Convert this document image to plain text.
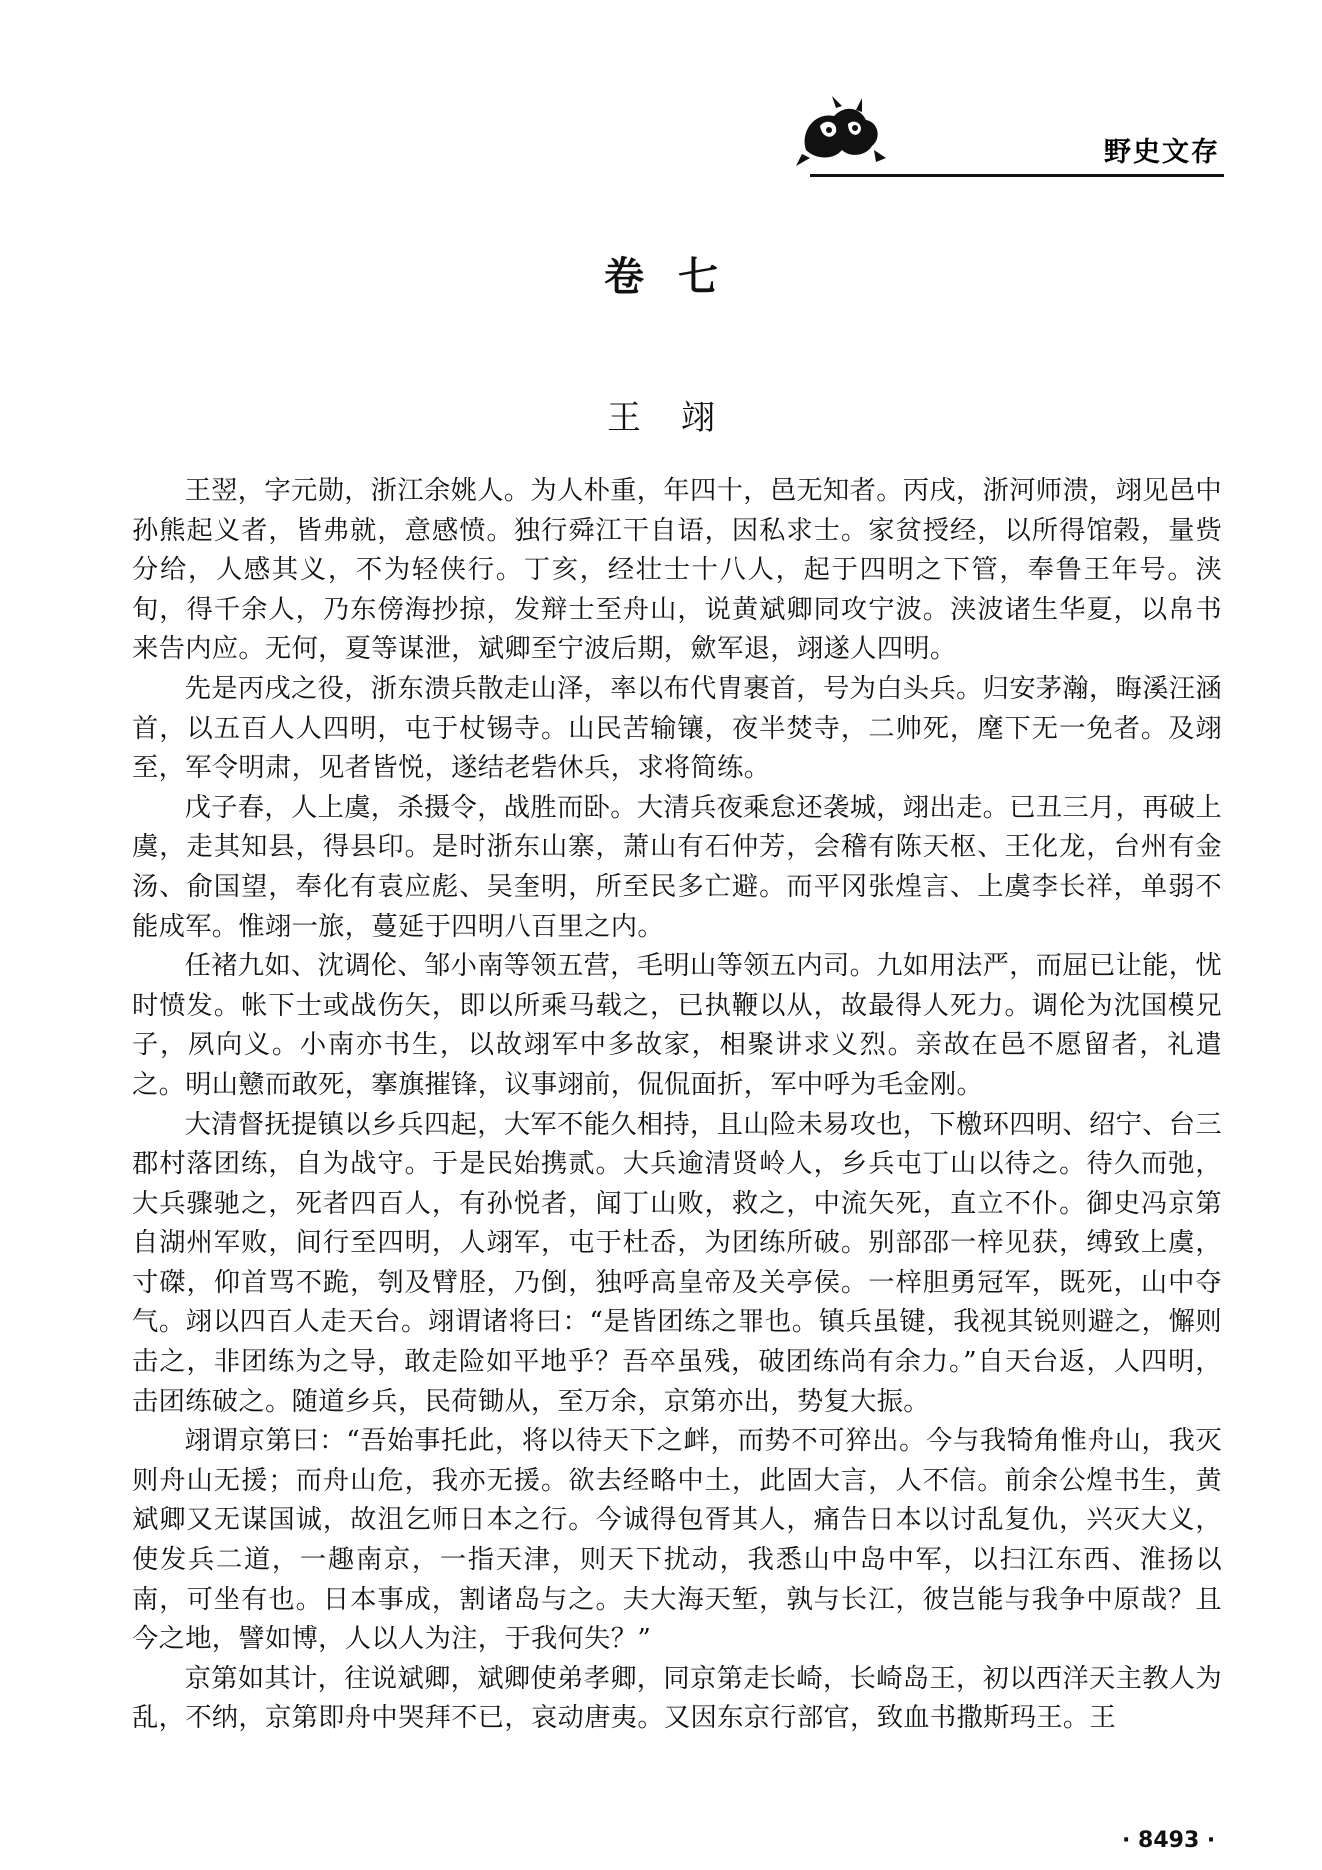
野史文存
卷七
王翊

王翌，字元勋，浙江余姚人。为人朴重，年四十，邑无知者。丙戌，浙河师溃，翊见邑中孙熊起义者，皆弗就，意感愤。独行舜江干自语，因私求士。家贫授经，以所得馆榖，量赀分给，人感其义，不为轻侠行。丁亥，经壮士十八人，起于四明之下管，奉鲁王年号。浃旬，得千余人，乃东傍海抄掠，发辩士至舟山，说黄斌卿同攻宁波。浃波诸生华夏，以帛书来告内应。无何，夏等谋泄，斌卿至宁波后期，歛军退，翊遂人四明。

先是丙戌之役，浙东溃兵散走山泽，率以布代胄裹首，号为白头兵。归安茅瀚，晦溪汪涵首，以五百人人四明，屯于杖锡寺。山民苦输镶，夜半焚寺，二帅死，麾下无一免者。及翊至，军令明肃，见者皆悦，遂结老砦休兵，求将简练。

戊子春，人上虞，杀摄令，战胜而卧。大清兵夜乘怠还袭城，翊出走。已丑三月，再破上虞，走其知县，得县印。是时浙东山寨，萧山有石仲芳，会稽有陈天枢、王化龙，台州有金汤、俞国望，奉化有袁应彪、吴奎明，所至民多亡避。而平冈张煌言、上虞李长祥，单弱不能成军。惟翊一旅，蔓延于四明八百里之内。

任褚九如、沈调伦、邹小南等领五营，毛明山等领五内司。九如用法严，而屈已让能，忧时愤发。帐下士或战伤矢，即以所乘马载之，已执鞭以从，故最得人死力。调伦为沈国模兄子，夙向义。小南亦书生，以故翊军中多故家，相聚讲求义烈。亲故在邑不愿留者，礼遣之。明山戆而敢死，搴旗摧锋，议事翊前，侃侃面折，军中呼为毛金刚。

大清督抚提镇以乡兵四起，大军不能久相持，且山险未易攻也，下檄环四明、绍宁、台三郡村落团练，自为战守。于是民始携贰。大兵逾清贤岭人，乡兵屯丁山以待之。待久而弛，大兵骤驰之，死者四百人，有孙悦者，闻丁山败，救之，中流矢死，直立不仆。御史冯京第自湖州军败，间行至四明，人翊军，屯于杜岙，为团练所破。别部邵一梓见获，缚致上虞，寸磔，仰首骂不跪，刳及臂胫，乃倒，独呼高皇帝及关亭侯。一梓胆勇冠军，既死，山中夺气。翊以四百人走天台。翊谓诸将曰：“是皆团练之罪也。镇兵虽键，我视其锐则避之，懈则击之，非团练为之导，敢走险如平地乎？吾卒虽残，破团练尚有余力。”自天台返，人四明，击团练破之。随道乡兵，民荷锄从，至万余，京第亦出，势复大振。

翊谓京第曰：“吾始事托此，将以待天下之衅，而势不可猝出。今与我犄角惟舟山，我灭则舟山无援；而舟山危，我亦无援。欲去经略中土，此固大言，人不信。前余公煌书生，黄斌卿又无谋国诚，故沮乞师日本之行。今诚得包胥其人，痛告日本以讨乱复仇，兴灭大义，使发兵二道，一趣南京，一指天津，则天下扰动，我悉山中岛中军，以扫江东西、淮扬以南，可坐有也。日本事成，割诸岛与之。夫大海天堑，孰与长江，彼岂能与我争中原哉？且今之地，譬如博，人以人为注，于我何失？”

京第如其计，往说斌卿，斌卿使弟孝卿，同京第走长崎，长崎岛王，初以西洋天主教人为乱，不纳，京第即舟中哭拜不已，哀动唐夷。又因东京行部官，致血书撒斯玛王。王

· 8493 ·
